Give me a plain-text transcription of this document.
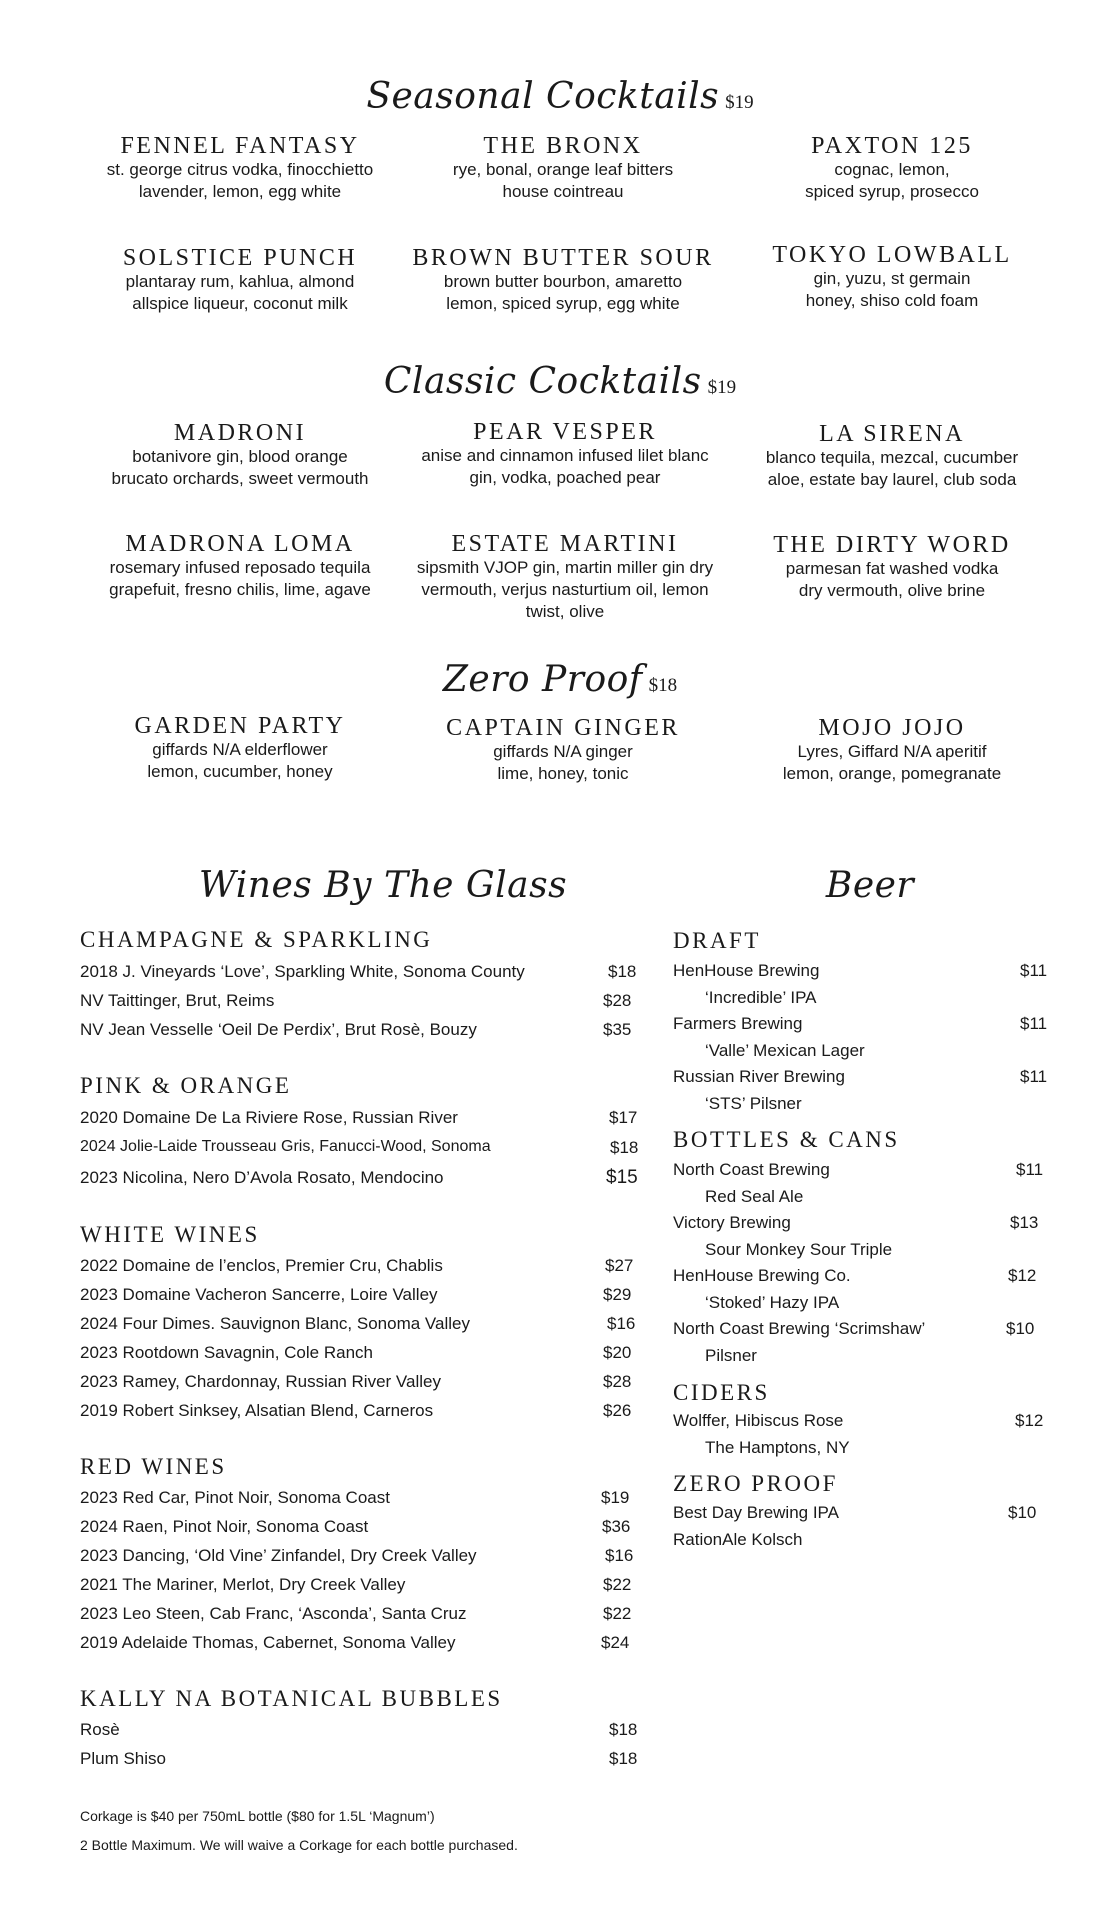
Seasonal Cocktails $19
FENNEL FANTASY
st. george citrus vodka, finocchietto
lavender, lemon, egg white
THE BRONX
rye, bonal, orange leaf bitters
house cointreau
PAXTON 125
cognac, lemon,
spiced syrup, prosecco
SOLSTICE PUNCH
plantaray rum, kahlua, almond
allspice liqueur, coconut milk
BROWN BUTTER SOUR
brown butter bourbon, amaretto
lemon, spiced syrup, egg white
TOKYO LOWBALL
gin, yuzu, st germain
honey, shiso cold foam
Classic Cocktails $19
MADRONI
botanivore gin, blood orange
brucato orchards, sweet vermouth
PEAR VESPER
anise and cinnamon infused lilet blanc
gin, vodka, poached pear
LA SIRENA
blanco tequila, mezcal, cucumber
aloe, estate bay laurel, club soda
MADRONA LOMA
rosemary infused reposado tequila
grapefuit, fresno chilis, lime, agave
ESTATE MARTINI
sipsmith VJOP gin, martin miller gin dry
vermouth, verjus nasturtium oil, lemon
twist, olive
THE DIRTY WORD
parmesan fat washed vodka
dry vermouth, olive brine
Zero Proof $18
GARDEN PARTY
giffards N/A elderflower
lemon, cucumber, honey
CAPTAIN GINGER
giffards N/A ginger
lime, honey, tonic
MOJO JOJO
Lyres, Giffard N/A aperitif
lemon, orange, pomegranate
Wines By The Glass
CHAMPAGNE & SPARKLING
2018 J. Vineyards ‘Love’, Sparkling White, Sonoma County	$18
NV Taittinger, Brut, Reims	$28
NV Jean Vesselle ‘Oeil De Perdix’, Brut Rosè, Bouzy	$35
PINK & ORANGE
2020 Domaine De La Riviere Rose, Russian River	$17
2024 Jolie-Laide Trousseau Gris, Fanucci-Wood, Sonoma	$18
2023 Nicolina, Nero D’Avola Rosato, Mendocino	$15
WHITE WINES
2022 Domaine de l’enclos, Premier Cru, Chablis	$27
2023 Domaine Vacheron Sancerre, Loire Valley	$29
2024 Four Dimes. Sauvignon Blanc, Sonoma Valley	$16
2023 Rootdown Savagnin, Cole Ranch	$20
2023 Ramey, Chardonnay, Russian River Valley	$28
2019 Robert Sinksey, Alsatian Blend, Carneros	$26
RED WINES
2023 Red Car, Pinot Noir, Sonoma Coast	$19
2024 Raen, Pinot Noir, Sonoma Coast	$36
2023 Dancing, ‘Old Vine’ Zinfandel, Dry Creek Valley	$16
2021 The Mariner, Merlot, Dry Creek Valley	$22
2023 Leo Steen, Cab Franc, ‘Asconda’, Santa Cruz	$22
2019 Adelaide Thomas, Cabernet, Sonoma Valley	$24
KALLY NA BOTANICAL BUBBLES
Rosè	$18
Plum Shiso	$18
Beer
DRAFT
HenHouse Brewing	$11
‘Incredible’ IPA
Farmers Brewing	$11
‘Valle’ Mexican Lager
Russian River Brewing	$11
‘STS’ Pilsner
BOTTLES & CANS
North Coast Brewing	$11
Red Seal Ale
Victory Brewing	$13
Sour Monkey Sour Triple
HenHouse Brewing Co.	$12
‘Stoked’ Hazy IPA
North Coast Brewing ‘Scrimshaw’	$10
Pilsner
CIDERS
Wolffer, Hibiscus Rose	$12
The Hamptons, NY
ZERO PROOF
Best Day Brewing IPA	$10
RationAle Kolsch
Corkage is $40 per 750mL bottle ($80 for 1.5L ‘Magnum’)
2 Bottle Maximum. We will waive a Corkage for each bottle purchased.
